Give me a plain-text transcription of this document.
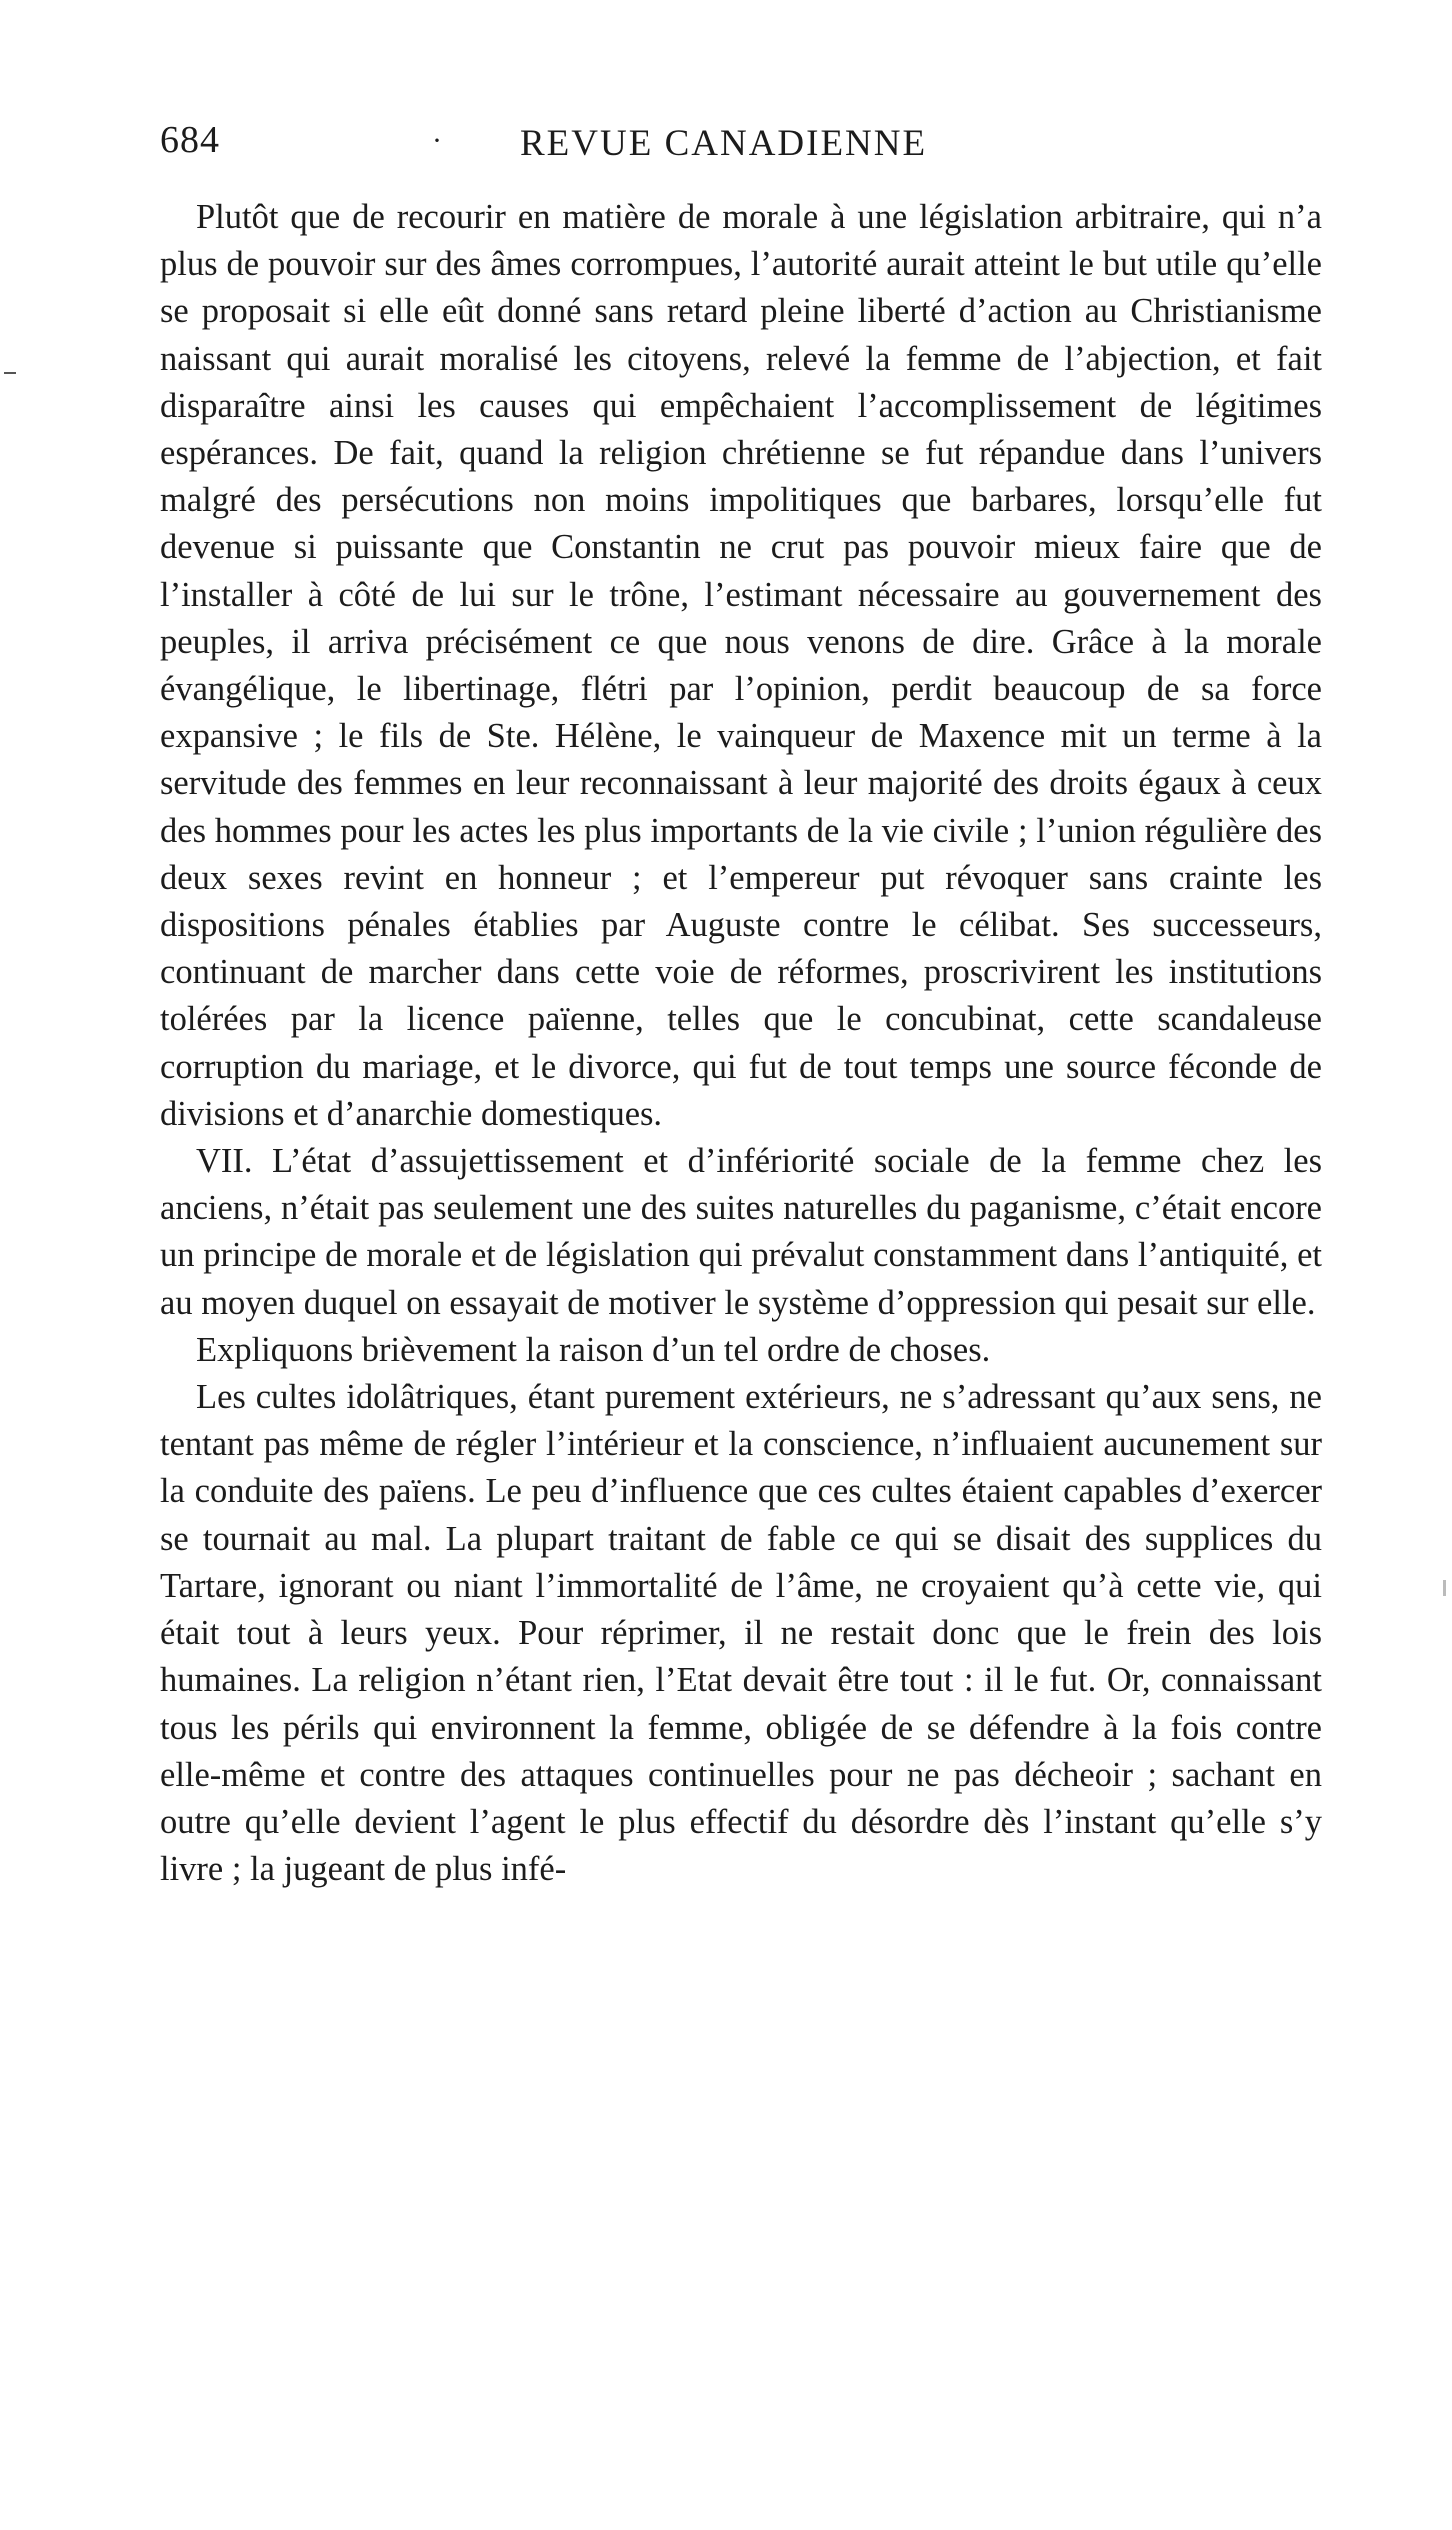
684	· REVUE CANADIENNE

Plutôt que de recourir en matière de morale à une législation arbitraire, qui n’a plus de pouvoir sur des âmes corrompues, l’autorité aurait atteint le but utile qu’elle se proposait si elle eût donné sans retard pleine liberté d’action au Christianisme naissant qui aurait moralisé les citoyens, relevé la femme de l’abjection, et fait disparaître ainsi les causes qui empêchaient l’accomplissement de légitimes espérances. De fait, quand la religion chrétienne se fut répandue dans l’univers malgré des persécutions non moins impolitiques que barbares, lorsqu’elle fut devenue si puissante que Constantin ne crut pas pouvoir mieux faire que de l’installer à côté de lui sur le trône, l’estimant nécessaire au gouvernement des peuples, il arriva précisément ce que nous venons de dire. Grâce à la morale évangélique, le libertinage, flétri par l’opinion, perdit beaucoup de sa force expansive ; le fils de Ste. Hélène, le vainqueur de Maxence mit un terme à la servitude des femmes en leur reconnaissant à leur majorité des droits égaux à ceux des hommes pour les actes les plus importants de la vie civile ; l’union régulière des deux sexes revint en honneur ; et l’empereur put révoquer sans crainte les dispositions pénales établies par Auguste contre le célibat. Ses successeurs, continuant de marcher dans cette voie de réformes, proscrivirent les institutions tolérées par la licence païenne, telles que le concubinat, cette scandaleuse corruption du mariage, et le divorce, qui fut de tout temps une source féconde de divisions et d’anarchie domestiques.

VII. L’état d’assujettissement et d’infériorité sociale de la femme chez les anciens, n’était pas seulement une des suites naturelles du paganisme, c’était encore un principe de morale et de législation qui prévalut constamment dans l’antiquité, et au moyen duquel on essayait de motiver le système d’oppression qui pesait sur elle.

Expliquons brièvement la raison d’un tel ordre de choses.

Les cultes idolâtriques, étant purement extérieurs, ne s’adressant qu’aux sens, ne tentant pas même de régler l’intérieur et la conscience, n’influaient aucunement sur la conduite des païens. Le peu d’influence que ces cultes étaient capables d’exercer se tournait au mal. La plupart traitant de fable ce qui se disait des supplices du Tartare, ignorant ou niant l’immortalité de l’âme, ne croyaient qu’à cette vie, qui était tout à leurs yeux. Pour réprimer, il ne restait donc que le frein des lois humaines. La religion n’étant rien, l’Etat devait être tout : il le fut. Or, connaissant tous les périls qui environnent la femme, obligée de se défendre à la fois contre elle-même et contre des attaques continuelles pour ne pas décheoir ; sachant en outre qu’elle devient l’agent le plus effectif du désordre dès l’instant qu’elle s’y livre ; la jugeant de plus infé-
